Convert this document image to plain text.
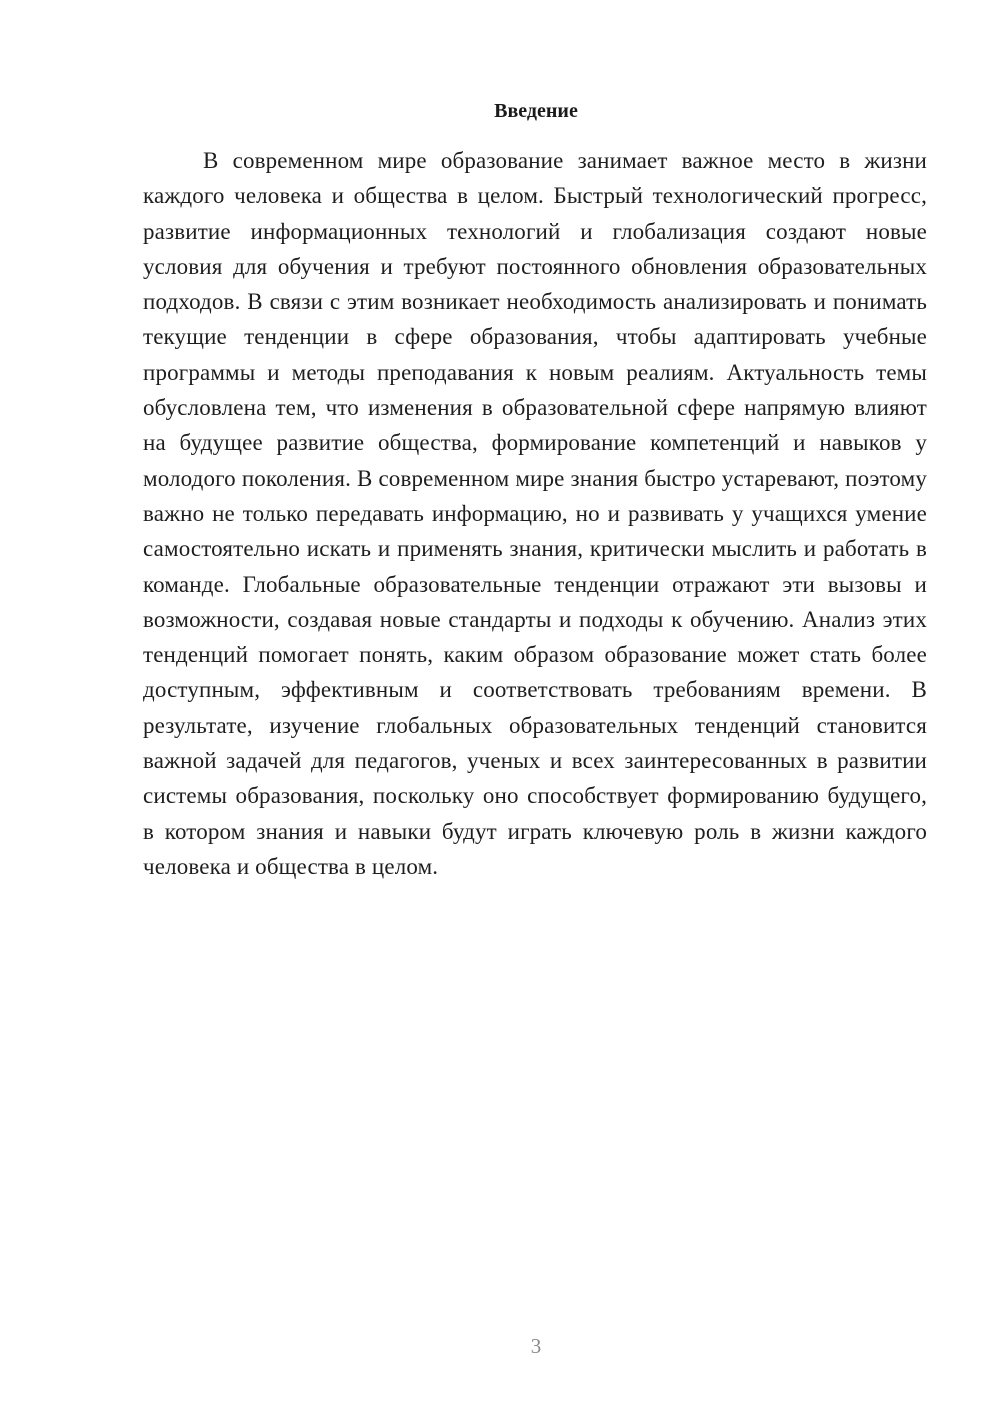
Введение

В современном мире образование занимает важное место в жизни каждого человека и общества в целом. Быстрый технологический прогресс, развитие информационных технологий и глобализация создают новые условия для обучения и требуют постоянного обновления образовательных подходов. В связи с этим возникает необходимость анализировать и понимать текущие тенденции в сфере образования, чтобы адаптировать учебные программы и методы преподавания к новым реалиям. Актуальность темы обусловлена тем, что изменения в образовательной сфере напрямую влияют на будущее развитие общества, формирование компетенций и навыков у молодого поколения. В современном мире знания быстро устаревают, поэтому важно не только передавать информацию, но и развивать у учащихся умение самостоятельно искать и применять знания, критически мыслить и работать в команде. Глобальные образовательные тенденции отражают эти вызовы и возможности, создавая новые стандарты и подходы к обучению. Анализ этих тенденций помогает понять, каким образом образование может стать более доступным, эффективным и соответствовать требованиям времени. В результате, изучение глобальных образовательных тенденций становится важной задачей для педагогов, ученых и всех заинтересованных в развитии системы образования, поскольку оно способствует формированию будущего, в котором знания и навыки будут играть ключевую роль в жизни каждого человека и общества в целом.

3
